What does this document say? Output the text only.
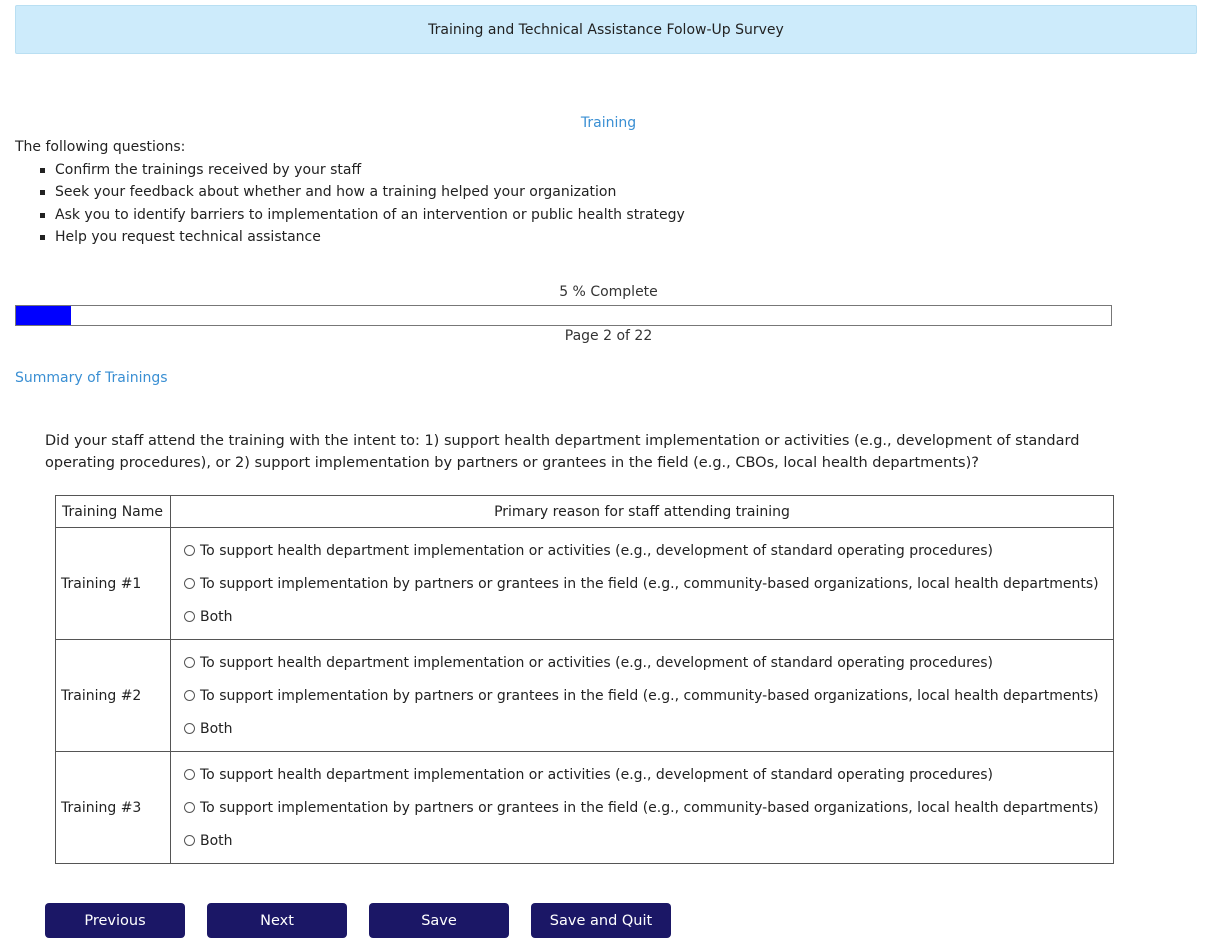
Training and Technical Assistance Folow-Up Survey
Training
The following questions:
Confirm the trainings received by your staff
Seek your feedback about whether and how a training helped your organization
Ask you to identify barriers to implementation of an intervention or public health strategy
Help you request technical assistance
5 % Complete
Page 2 of 22
Summary of Trainings
Did your staff attend the training with the intent to: 1) support health department implementation or activities (e.g., development of standard operating procedures), or 2) support implementation by partners or grantees in the field (e.g., CBOs, local health departments)?
Training Name	Primary reason for staff attending training
Training #1	To support health department implementation or activities (e.g., development of standard operating procedures)
To support implementation by partners or grantees in the field (e.g., community-based organizations, local health departments)
Both

Training #2	To support health department implementation or activities (e.g., development of standard operating procedures)
To support implementation by partners or grantees in the field (e.g., community-based organizations, local health departments)
Both

Training #3	To support health department implementation or activities (e.g., development of standard operating procedures)
To support implementation by partners or grantees in the field (e.g., community-based organizations, local health departments)
Both
Previous	Next	Save	Save and Quit
